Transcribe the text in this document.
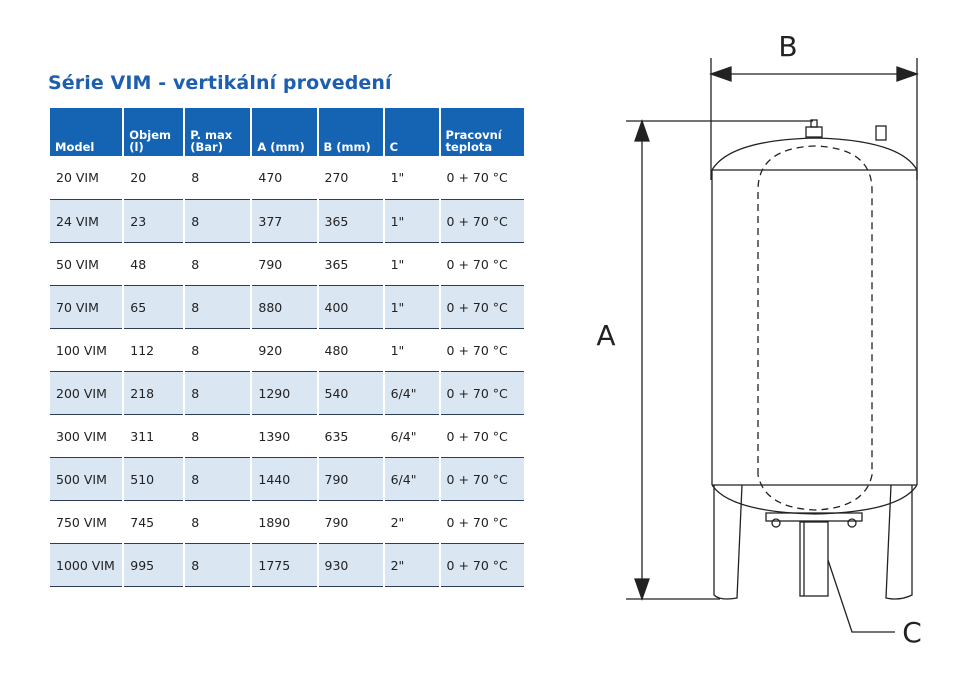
Série VIM - vertikální provedení
Model	Objem (l)	P. max (Bar)	A (mm)	B (mm)	C	Pracovní teplota
20 VIM	20	8	470	270	1"	0 + 70 °C
24 VIM	23	8	377	365	1"	0 + 70 °C
50 VIM	48	8	790	365	1"	0 + 70 °C
70 VIM	65	8	880	400	1"	0 + 70 °C
100 VIM	112	8	920	480	1"	0 + 70 °C
200 VIM	218	8	1290	540	6/4"	0 + 70 °C
300 VIM	311	8	1390	635	6/4"	0 + 70 °C
500 VIM	510	8	1440	790	6/4"	0 + 70 °C
750 VIM	745	8	1890	790	2"	0 + 70 °C
1000 VIM	995	8	1775	930	2"	0 + 70 °C
B
A
C
